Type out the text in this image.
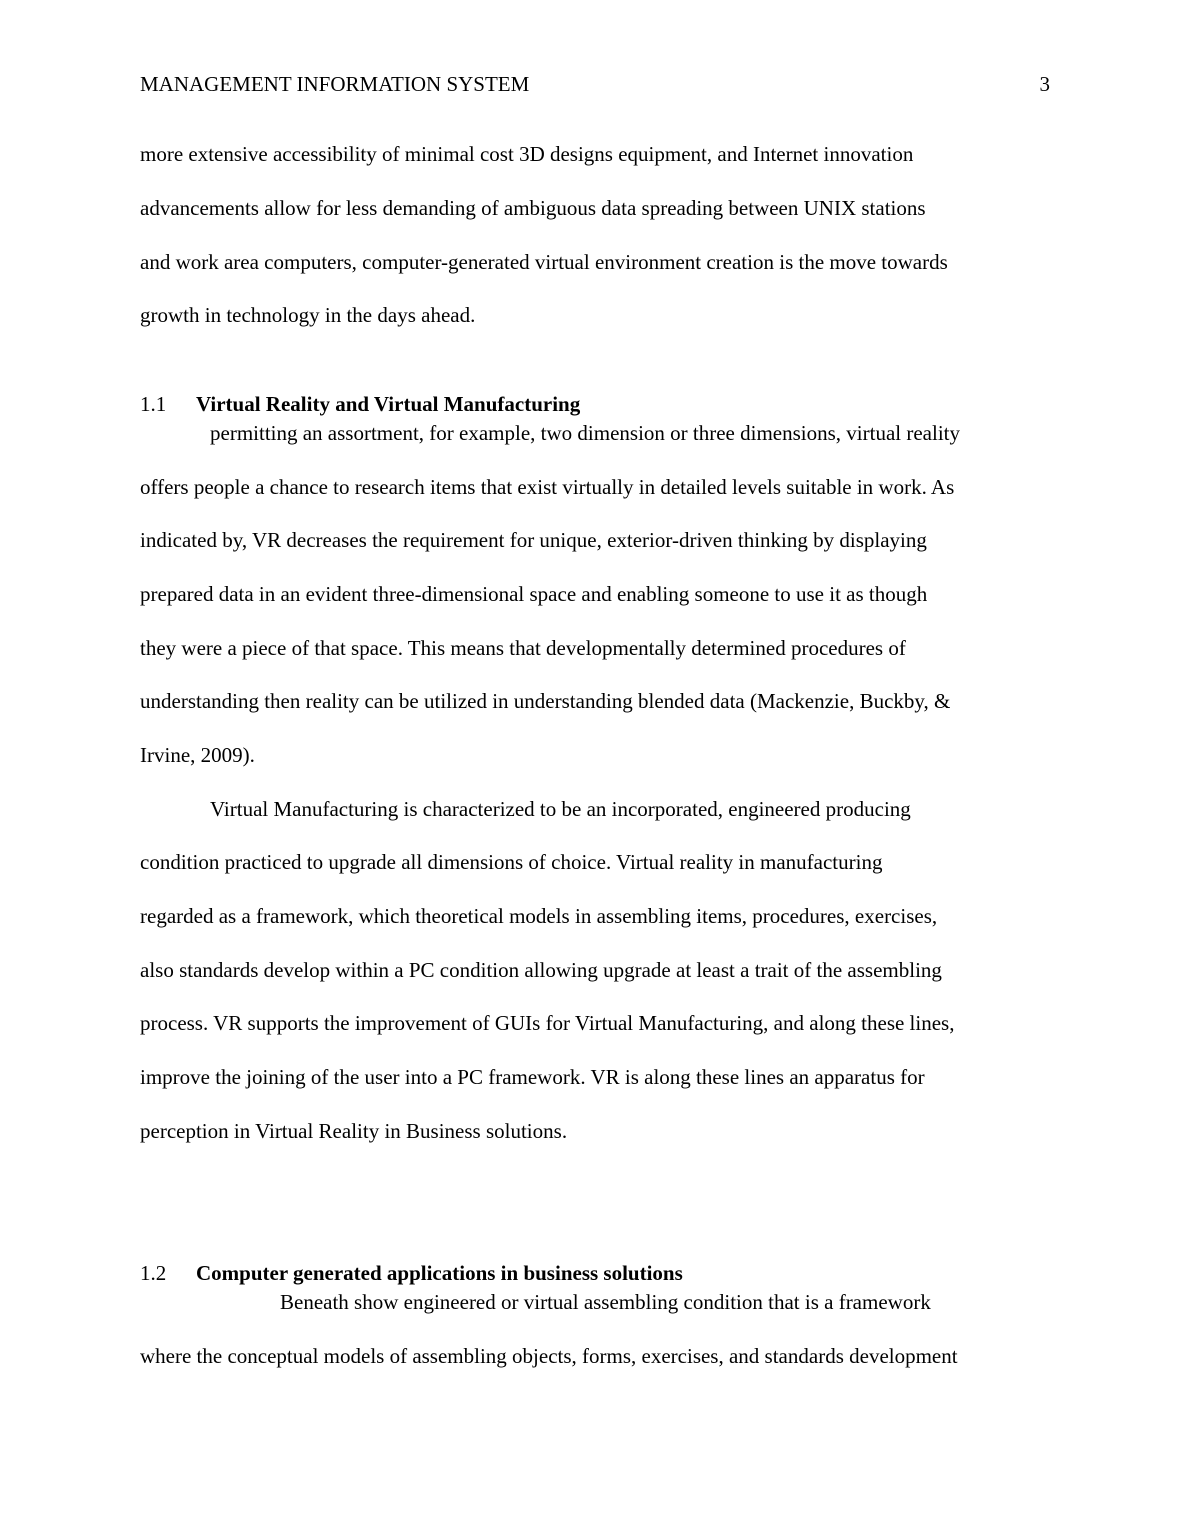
MANAGEMENT INFORMATION SYSTEM	3
more extensive accessibility of minimal cost 3D designs equipment, and Internet innovation
advancements allow for less demanding of ambiguous data spreading between UNIX stations
and work area computers, computer-generated virtual environment creation is the move towards
growth in technology in the days ahead.
1.1 Virtual Reality and Virtual Manufacturing
permitting an assortment, for example, two dimension or three dimensions, virtual reality
offers people a chance to research items that exist virtually in detailed levels suitable in work. As
indicated by, VR decreases the requirement for unique, exterior-driven thinking by displaying
prepared data in an evident three-dimensional space and enabling someone to use it as though
they were a piece of that space. This means that developmentally determined procedures of
understanding then reality can be utilized in understanding blended data (Mackenzie, Buckby, &
Irvine, 2009).
Virtual Manufacturing is characterized to be an incorporated, engineered producing
condition practiced to upgrade all dimensions of choice. Virtual reality in manufacturing
regarded as a framework, which theoretical models in assembling items, procedures, exercises,
also standards develop within a PC condition allowing upgrade at least a trait of the assembling
process. VR supports the improvement of GUIs for Virtual Manufacturing, and along these lines,
improve the joining of the user into a PC framework. VR is along these lines an apparatus for
perception in Virtual Reality in Business solutions.
1.2 Computer generated applications in business solutions
Beneath show engineered or virtual assembling condition that is a framework
where the conceptual models of assembling objects, forms, exercises, and standards development
